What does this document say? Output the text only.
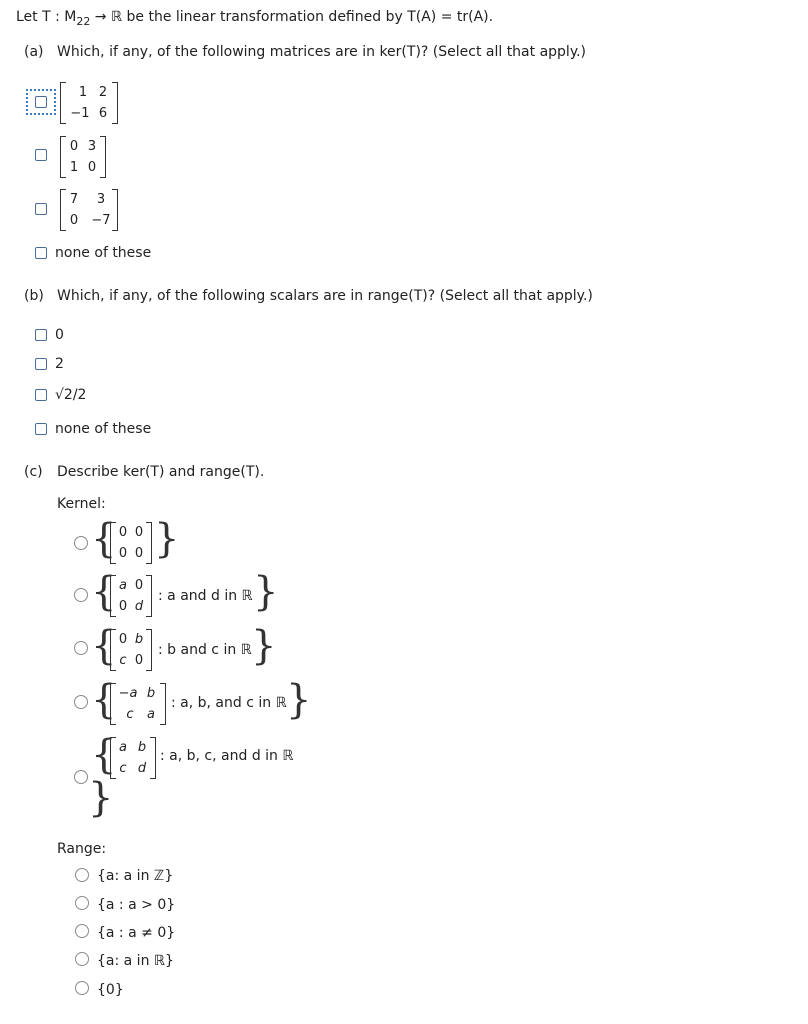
Let T : $M_{22}$ → ℝ be the linear transformation defined by T(A) = tr(A).
(a) Which, if any, of the following matrices are in ker(T)? (Select all that apply.)
1 2
−1 6
0 3
1 0
7	3
0 −7
none of these
(b) Which, if any, of the following scalars are in range(T)? (Select all that apply.)
0
2
√2/2
none of these
(c) Describe ker(T) and range(T).
Kernel:
{ 0 0
0 0 }
{ a 0
0 d
: a and d in ℝ }
{ 0 b
c 0
: b and c in ℝ }
{ −a b
c	a
: a, b, and c in ℝ }
{ a b
c d
: a, b, c, and d in ℝ
}
Range:
{a: a in ℤ}
{a : a > 0}
{a : a ≠ 0}
{a: a in ℝ}
{0}
